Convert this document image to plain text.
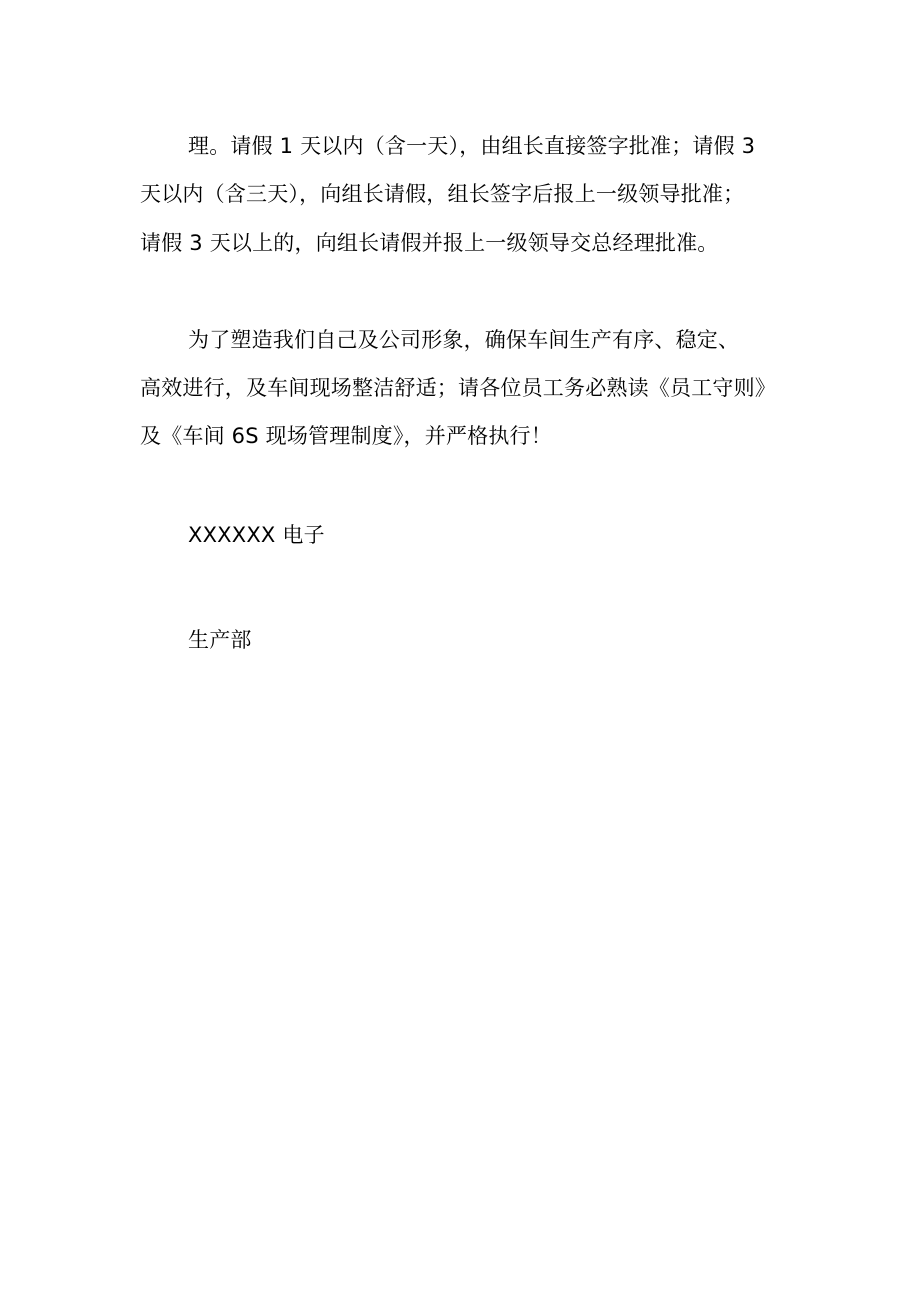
理。请假 1 天以内（含一天），由组长直接签字批准；请假 3
天以内（含三天），向组长请假，组长签字后报上一级领导批准；
请假 3 天以上的，向组长请假并报上一级领导交总经理批准。
为了塑造我们自己及公司形象，确保车间生产有序、稳定、
高效进行，及车间现场整洁舒适；请各位员工务必熟读《员工守则》
及《车间 6S 现场管理制度》，并严格执行！
XXXXXX 电子
生产部
